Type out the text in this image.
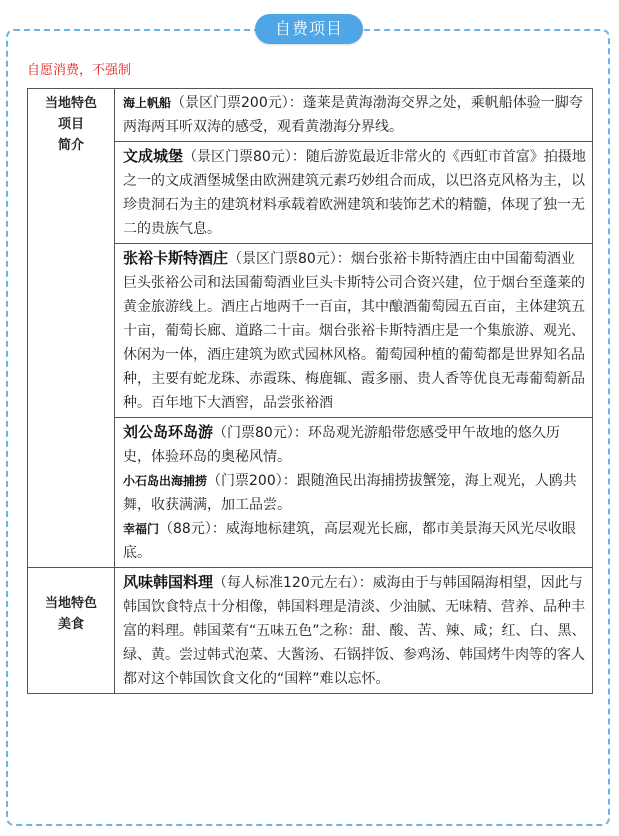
自费项目
自愿消费，不强制
当地特色
项目
简介	海上帆船（景区门票200元）：蓬莱是黄海渤海交界之处，乘帆船体验一脚夸两海两耳听双涛的感受，观看黄渤海分界线。

	文成城堡（景区门票80元）：随后游览最近非常火的《西虹市首富》拍摄地之一的文成酒堡城堡由欧洲建筑元素巧妙组合而成，以巴洛克风格为主，以珍贵洞石为主的建筑材料承载着欧洲建筑和装饰艺术的精髓，体现了独一无二的贵族气息。

	张裕卡斯特酒庄（景区门票80元）：烟台张裕卡斯特酒庄由中国葡萄酒业巨头张裕公司和法国葡萄酒业巨头卡斯特公司合资兴建，位于烟台至蓬莱的黄金旅游线上。酒庄占地两千一百亩，其中酿酒葡萄园五百亩，主体建筑五十亩，葡萄长廊、道路二十亩。烟台张裕卡斯特酒庄是一个集旅游、观光、休闲为一体，酒庄建筑为欧式园林风格。葡萄园种植的葡萄都是世界知名品种，主要有蛇龙珠、赤霞珠、梅鹿辄、霞多丽、贵人香等优良无毒葡萄新品种。百年地下大酒窖，品尝张裕酒

	刘公岛环岛游（门票80元）：环岛观光游船带您感受甲午故地的悠久历史，体验环岛的奥秘风情。

小石岛出海捕捞（门票200）：跟随渔民出海捕捞拔蟹笼，海上观光，人鸥共舞，收获满满，加工品尝。

幸福门（88元）：威海地标建筑，高层观光长廊，都市美景海天风光尽收眼底。

当地特色
美食	风味韩国料理（每人标准120元左右）：威海由于与韩国隔海相望，因此与韩国饮食特点十分相像，韩国料理是清淡、少油腻、无味精、营养、品种丰富的料理。韩国菜有“五味五色”之称：甜、酸、苦、辣、咸；红、白、黑、绿、黄。尝过韩式泡菜、大酱汤、石锅拌饭、参鸡汤、韩国烤牛肉等的客人都对这个韩国饮食文化的“国粹”难以忘怀。
